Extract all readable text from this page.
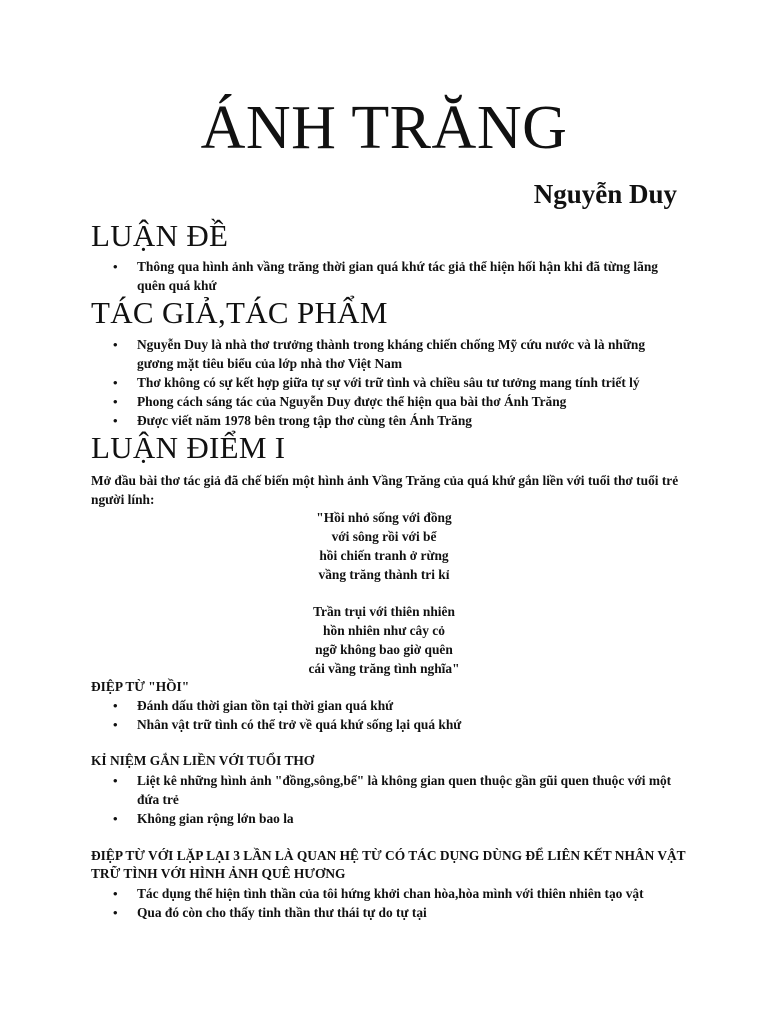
ÁNH TRĂNG
Nguyễn Duy
LUẬN ĐỀ
• Thông qua hình ảnh vầng trăng thời gian quá khứ tác giả thể hiện hối hận khi đã từng lãng quên quá khứ
TÁC GIẢ,TÁC PHẨM
• Nguyễn Duy là nhà thơ trưởng thành trong kháng chiến chống Mỹ cứu nước và là những gương mặt tiêu biểu của lớp nhà thơ Việt Nam
• Thơ không có sự kết hợp giữa tự sự với trữ tình và chiều sâu tư tưởng mang tính triết lý
• Phong cách sáng tác của Nguyễn Duy được thể hiện qua bài thơ Ánh Trăng
• Được viết năm 1978 bên trong tập thơ cùng tên Ánh Trăng
LUẬN ĐIỂM I

Mở đầu bài thơ tác giả đã chế biến một hình ảnh Vầng Trăng của quá khứ gắn liền với tuổi thơ tuổi trẻ người lính:

"Hồi nhỏ sống với đồng
với sông rồi với bể
hồi chiến tranh ở rừng
vầng trăng thành tri kỉ
Trần trụi với thiên nhiên
hồn nhiên như cây cỏ
ngỡ không bao giờ quên
cái vầng trăng tình nghĩa"
ĐIỆP TỪ "HỒI"
• Đánh dấu thời gian tồn tại thời gian quá khứ
• Nhân vật trữ tình có thể trở về quá khứ sống lại quá khứ
KỈ NIỆM GẮN LIỀN VỚI TUỔI THƠ
• Liệt kê những hình ảnh "đồng,sông,bể" là không gian quen thuộc gần gũi quen thuộc với một đứa trẻ
• Không gian rộng lớn bao la
ĐIỆP TỪ VỚI LẶP LẠI 3 LẦN LÀ QUAN HỆ TỪ CÓ TÁC DỤNG DÙNG ĐỂ LIÊN KẾT NHÂN VẬT TRỮ TÌNH VỚI HÌNH ẢNH QUÊ HƯƠNG
• Tác dụng thể hiện tình thần của tôi hứng khởi chan hòa,hòa mình với thiên nhiên tạo vật
• Qua đó còn cho thấy tinh thần thư thái tự do tự tại
